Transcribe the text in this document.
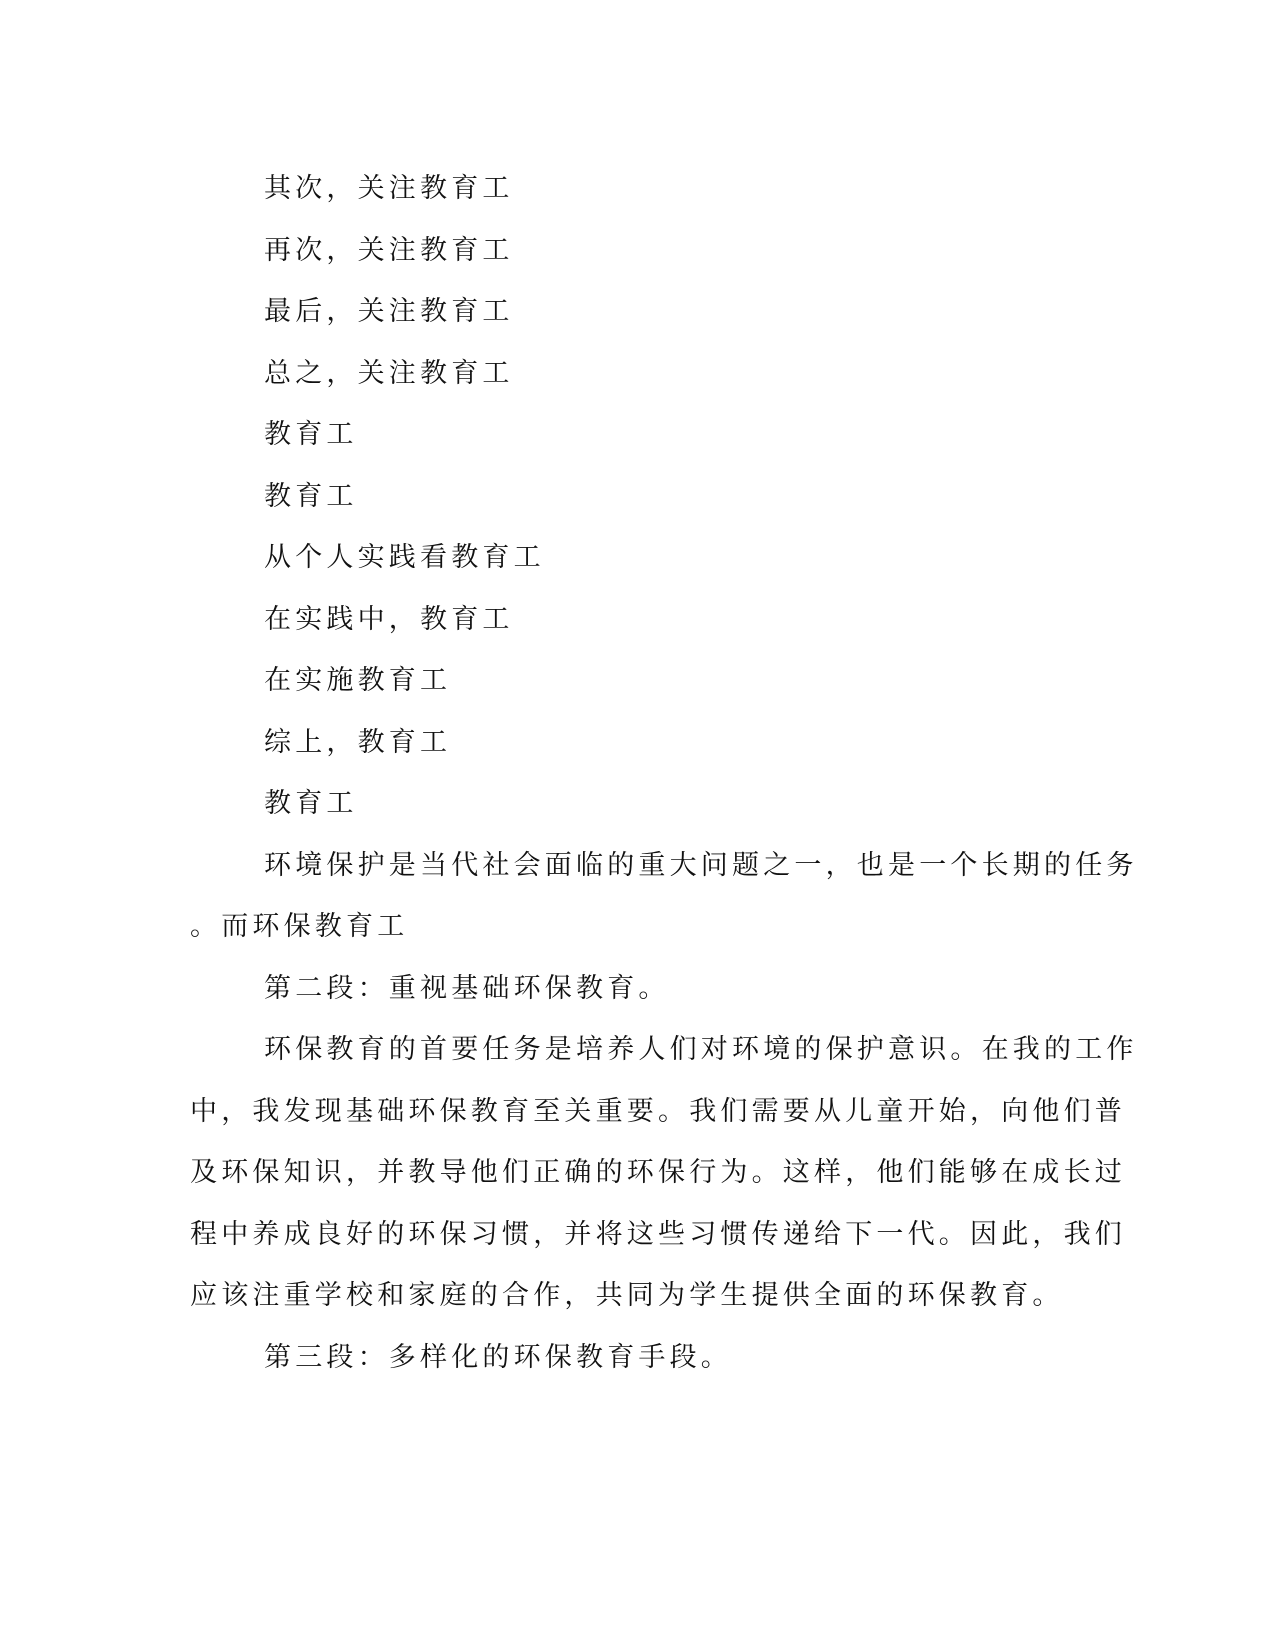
其次，关注教育工

再次，关注教育工

最后，关注教育工

总之，关注教育工

教育工

教育工

从个人实践看教育工

在实践中，教育工

在实施教育工

综上，教育工

教育工

环境保护是当代社会面临的重大问题之一，也是一个长期的任务

。而环保教育工

第二段：重视基础环保教育。

环保教育的首要任务是培养人们对环境的保护意识。在我的工作

中，我发现基础环保教育至关重要。我们需要从儿童开始，向他们普

及环保知识，并教导他们正确的环保行为。这样，他们能够在成长过

程中养成良好的环保习惯，并将这些习惯传递给下一代。因此，我们

应该注重学校和家庭的合作，共同为学生提供全面的环保教育。

第三段：多样化的环保教育手段。
